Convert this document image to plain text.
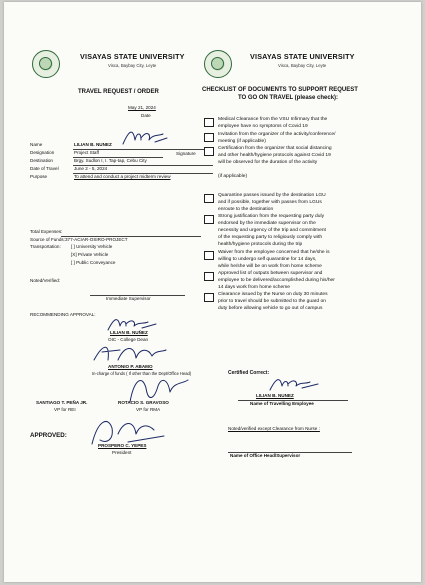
VISAYAS STATE UNIVERSITY
Visca, Baybay City, Leyte
TRAVEL REQUEST / ORDER
May 21, 2024
Date
Name	LILIAN B. NUNEZ
Designation	Project Staff	Signature
Destination	Brgy. Sudlon I, I. Tap-tap, Cebu City
Date of Travel	June 2 - 5, 2024
Purpose	To attend and conduct a project midterm review
Total Expenses:
Source of Funds:377-ACIAR-OSIRO-PROJECT
Transportation: [ ] University Vehicle
[X] Private Vehicle
[ ] Public Conveyance
Noted/Verified:
Immediate Supervisor
RECOMMENDING APPROVAL:
LILIAN B. NUÑEZ
OIC - College Dean
ANTONIO P. ABAMO
In-charge of funds ( If other than the Dept/Office Head)

SANTIAGO T. PEÑA JR.
VP for REI
ROTACIO S. GRAVOSO
VP for RMA
APPROVED:
PROSPERO C. YEPES
President
VISAYAS STATE UNIVERSITY
Visca, Baybay City, Leyte
CHECKLIST OF DOCUMENTS TO SUPPORT REQUEST
TO GO ON TRAVEL (please check):
Medical Clearance from the VSU Infirmary that the
employee have no symptoms of Covid 19
Invitation from the organizer of the activity/conference/
meeting (if applicable)
Certification from the organizer that social distancing
and other health/hygiene protocols against Covid 19
will be observed for the duration of the activity
(if applicable)
Quarantine passes issued by the destination LGU
and if possible, together with passes from LGUs
enroute to the destination
Strong justification from the requesting party duly
endorsed by the immediate supervisor on the
necessity and urgency of the trip and commitment
of the requesting party to religiously comply with
health/hygiene protocols during the trip
Waiver from the employee concerned that he/she is
willing to undergo self quarantine for 14 days,
while he/she will be on work from home scheme
Approved list of outputs between supervisor and
employee to be delivered/accomplished during his/her
14 days work from home scheme
Clearance issued by the Nurse on duty 30 minutes
prior to travel should be submitted to the guard on
duty before allowing vehicle to go out of campus
Certified Correct:
LILIAN B. NUNEZ
Name of Travelling Employee
Noted/verified except Clearance from Nurse :
Name of Office Head/Supervisor
